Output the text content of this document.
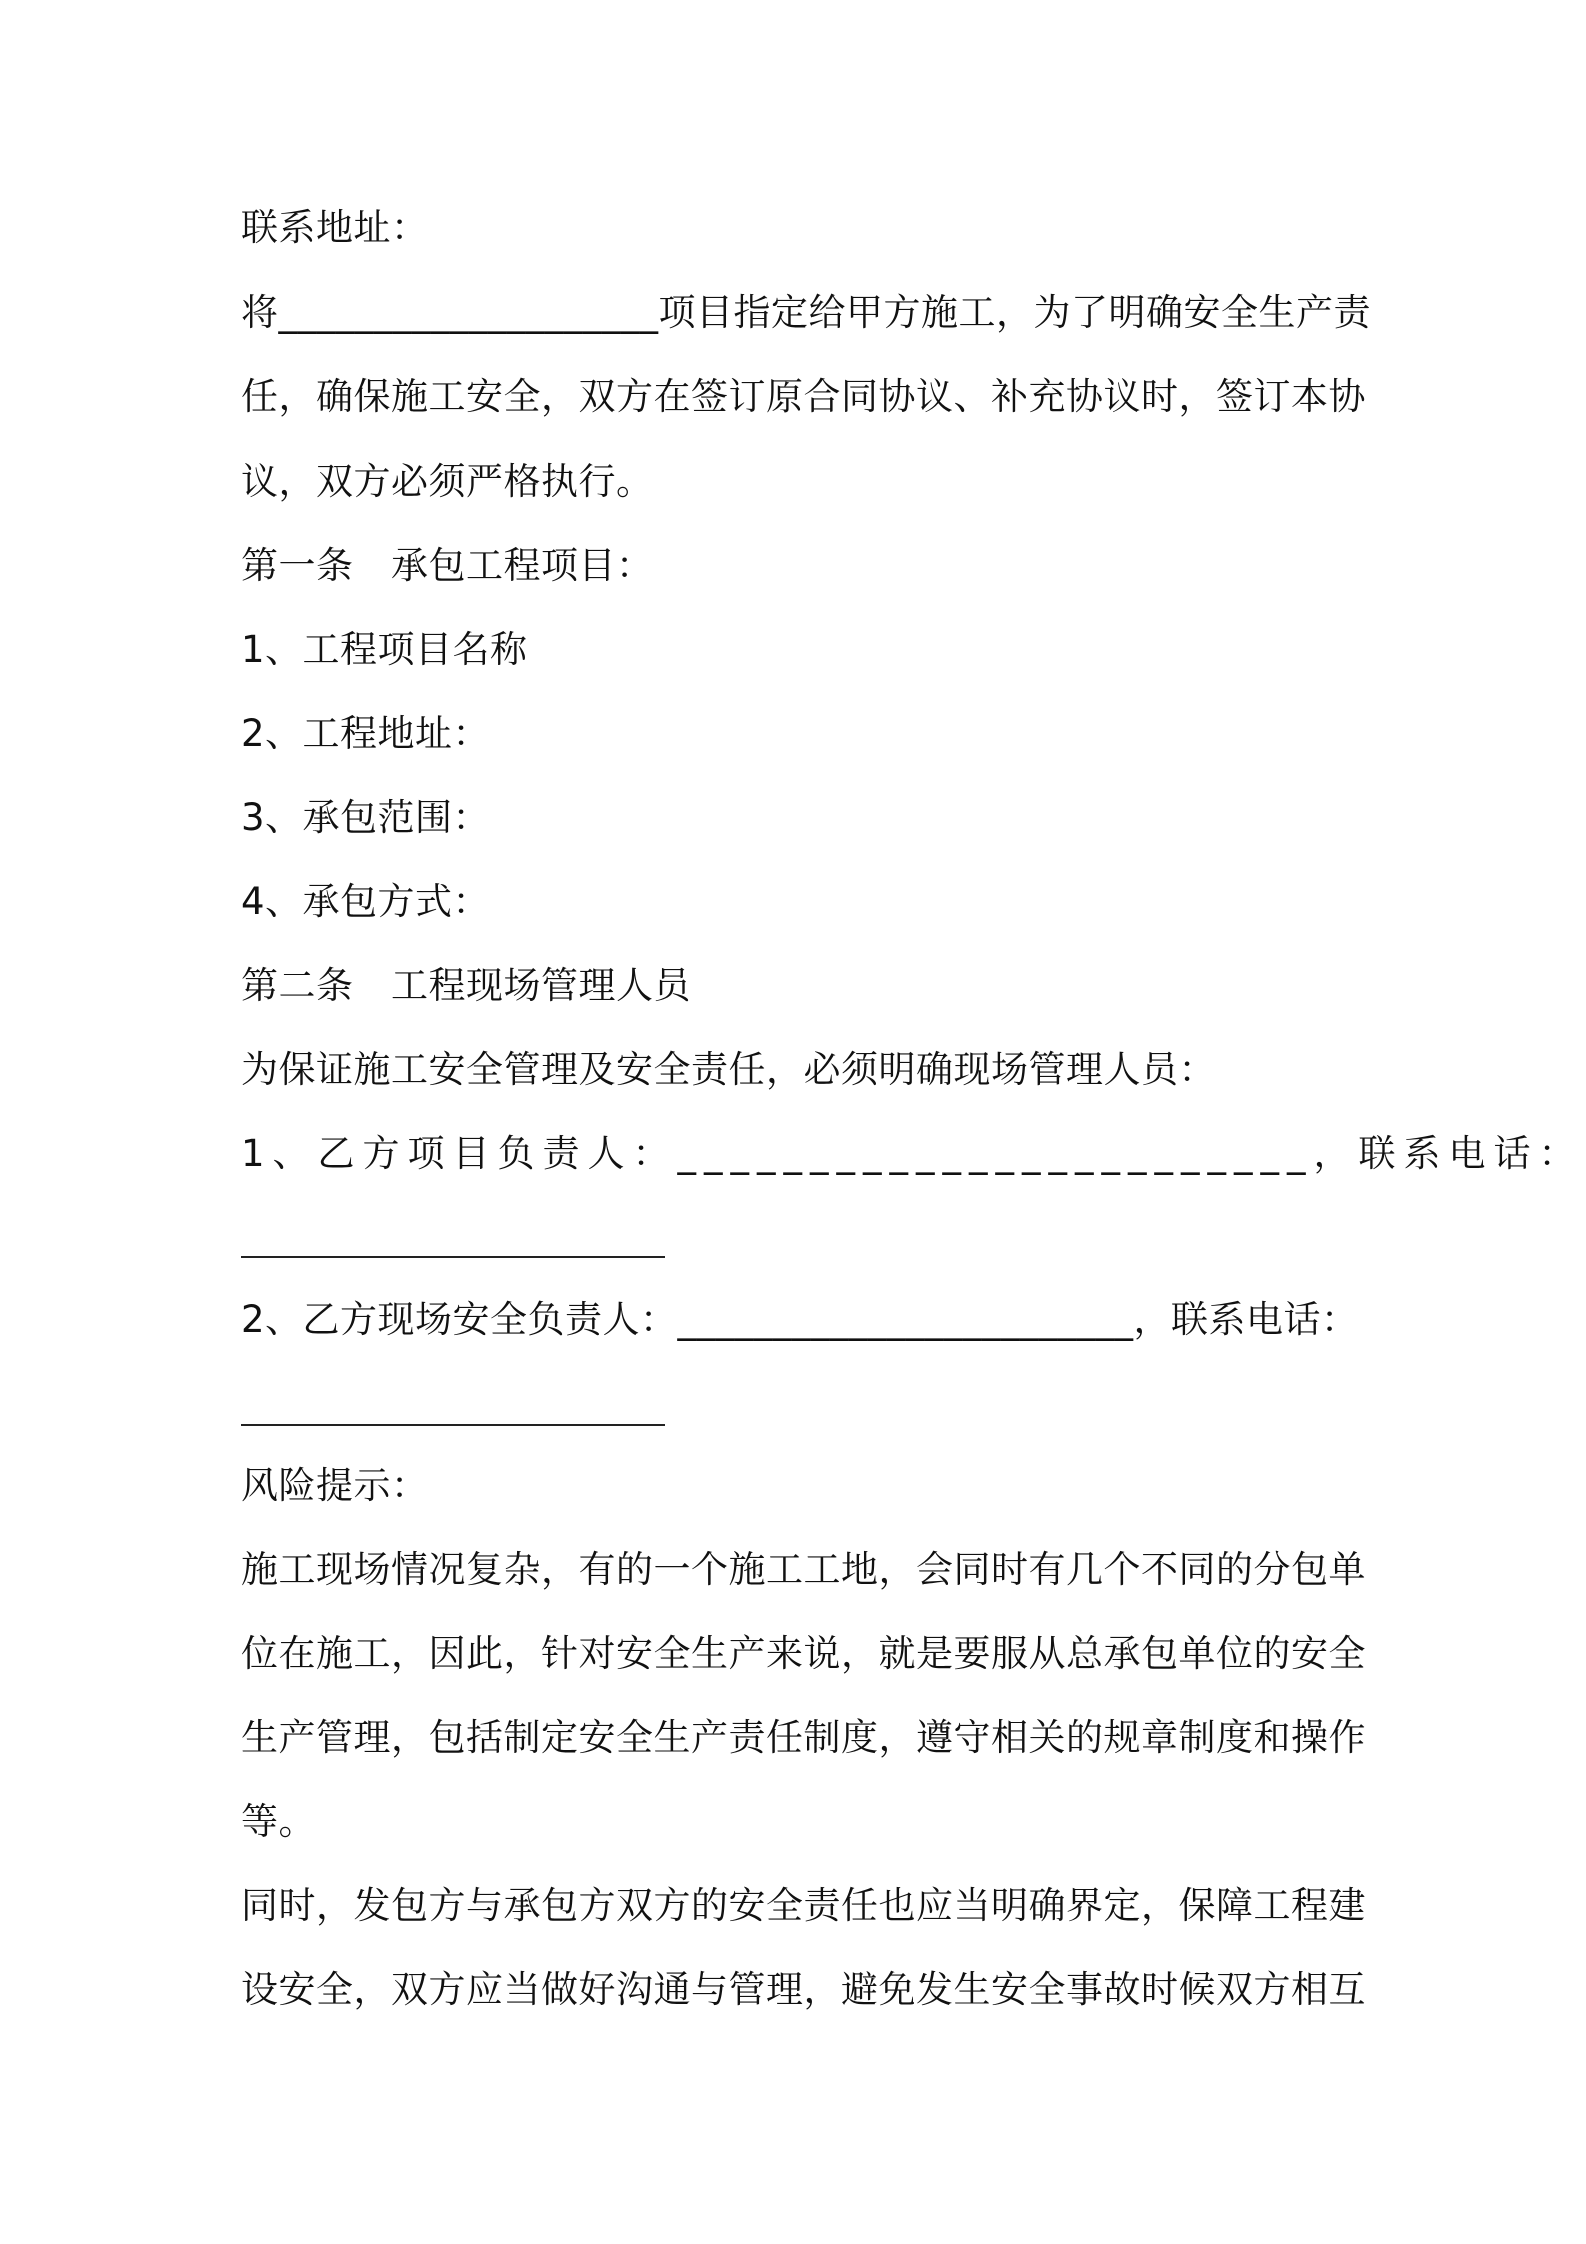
联系地址：
将____________________项目指定给甲方施工，为了明确安全生产责
任，确保施工安全，双方在签订原合同协议、补充协议时，签订本协
议，双方必须严格执行。
第一条　承包工程项目：
1、工程项目名称
2、工程地址：
3、承包范围：
4、承包方式：
第二条　工程现场管理人员
为保证施工安全管理及安全责任，必须明确现场管理人员：
1、乙方项目负责人：________________________，联系电话：
2、乙方现场安全负责人：________________________，联系电话：
风险提示：
施工现场情况复杂，有的一个施工工地，会同时有几个不同的分包单
位在施工，因此，针对安全生产来说，就是要服从总承包单位的安全
生产管理，包括制定安全生产责任制度，遵守相关的规章制度和操作
等。
同时，发包方与承包方双方的安全责任也应当明确界定，保障工程建
设安全，双方应当做好沟通与管理，避免发生安全事故时候双方相互
